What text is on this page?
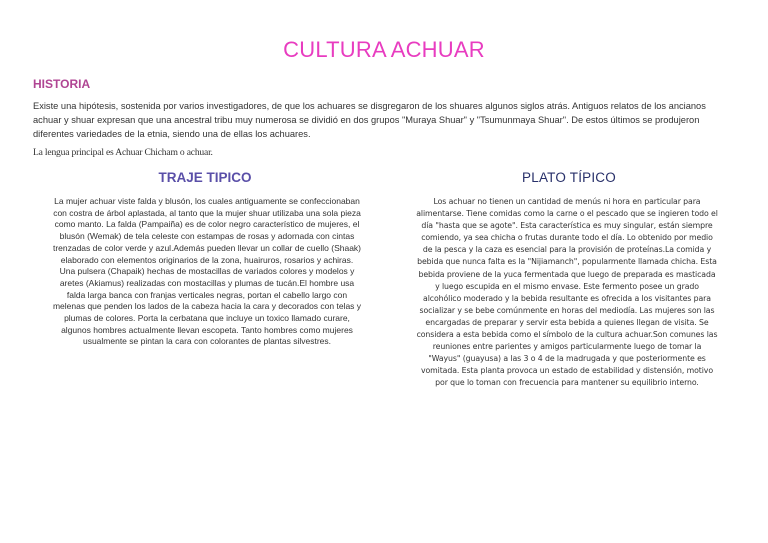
CULTURA ACHUAR
HISTORIA
Existe una hipótesis, sostenida por varios investigadores, de que los achuares se disgregaron de los shuares algunos siglos atrás. Antiguos relatos de los ancianos achuar y shuar expresan que una ancestral tribu muy numerosa se dividió en dos grupos "Muraya Shuar" y "Tsumunmaya Shuar". De estos últimos se produjeron diferentes variedades de la etnia, siendo una de ellas los achuares.
La lengua principal es Achuar Chicham o achuar.
TRAJE TIPICO	PLATO TÍPICO
La mujer achuar viste falda y blusón, los cuales antiguamente se confeccionaban con costra de árbol aplastada, al tanto que la mujer shuar utilizaba una sola pieza como manto. La falda (Pampaiña) es de color negro característico de mujeres, el blusón (Wemak) de tela celeste con estampas de rosas y adornada con cintas trenzadas de color verde y azul.Además pueden llevar un collar de cuello (Shaak) elaborado con elementos originarios de la zona, huairuros, rosarios y achiras. Una pulsera (Chapaik) hechas de mostacillas de variados colores y modelos y aretes (Akiamus) realizadas con mostacillas y plumas de tucán.El hombre usa falda larga banca con franjas verticales negras, portan el cabello largo con melenas que penden los lados de la cabeza hacia la cara y decorados con telas y plumas de colores. Porta la cerbatana que incluye un toxico llamado curare, algunos hombres actualmente llevan escopeta. Tanto hombres como mujeres usualmente se pintan la cara con colorantes de plantas silvestres.
Los achuar no tienen un cantidad de menús ni hora en particular para alimentarse. Tiene comidas como la carne o el pescado que se ingieren todo el día "hasta que se agote". Esta característica es muy singular, están siempre comiendo, ya sea chicha o frutas durante todo el día. Lo obtenido por medio de la pesca y la caza es esencial para la provisión de proteínas.La comida y bebida que nunca falta es la "Nijiamanch", popularmente llamada chicha. Esta bebida proviene de la yuca fermentada que luego de preparada es masticada y luego escupida en el mismo envase. Este fermento posee un grado alcohólico moderado y la bebida resultante es ofrecida a los visitantes para socializar y se bebe comúnmente en horas del mediodía. Las mujeres son las encargadas de preparar y servir esta bebida a quienes llegan de visita. Se considera a esta bebida como el símbolo de la cultura achuar.Son comunes las reuniones entre parientes y amigos particularmente luego de tomar la "Wayus" (guayusa) a las 3 o 4 de la madrugada y que posteriormente es vomitada. Esta planta provoca un estado de estabilidad y distensión, motivo por que lo toman con frecuencia para mantener su equilibrio interno.
